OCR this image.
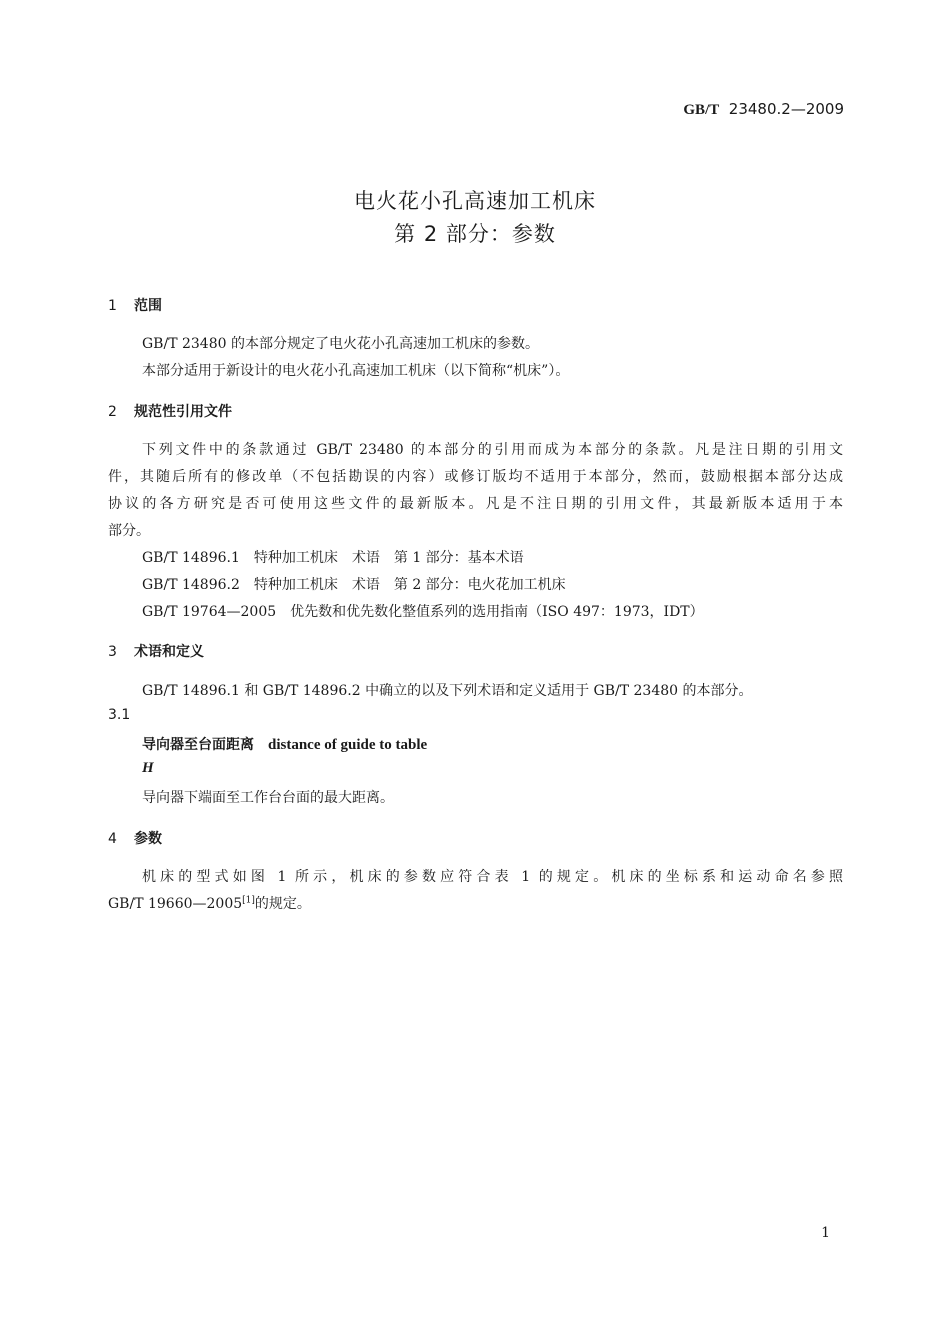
GB/T 23480.2—2009
电火花小孔高速加工机床
第 2 部分：参数
1 范围
GB/T 23480 的本部分规定了电火花小孔高速加工机床的参数。
本部分适用于新设计的电火花小孔高速加工机床（以下简称“机床”）。
2 规范性引用文件
下列文件中的条款通过 GB/T 23480 的本部分的引用而成为本部分的条款。凡是注日期的引用文
件，其随后所有的修改单（不包括勘误的内容）或修订版均不适用于本部分，然而，鼓励根据本部分达成
协议的各方研究是否可使用这些文件的最新版本。凡是不注日期的引用文件，其最新版本适用于本
部分。
GB/T 14896.1　特种加工机床　术语　第 1 部分：基本术语
GB/T 14896.2　特种加工机床　术语　第 2 部分：电火花加工机床
GB/T 19764—2005　优先数和优先数化整值系列的选用指南（ISO 497：1973，IDT）
3 术语和定义
GB/T 14896.1 和 GB/T 14896.2 中确立的以及下列术语和定义适用于 GB/T 23480 的本部分。
3.1
导向器至台面距离 distance of guide to table
H
导向器下端面至工作台台面的最大距离。
4 参数
机床的型式如图 1 所示，机床的参数应符合表 1 的规定。机床的坐标系和运动命名参照
GB/T 19660—2005[1]的规定。
1
